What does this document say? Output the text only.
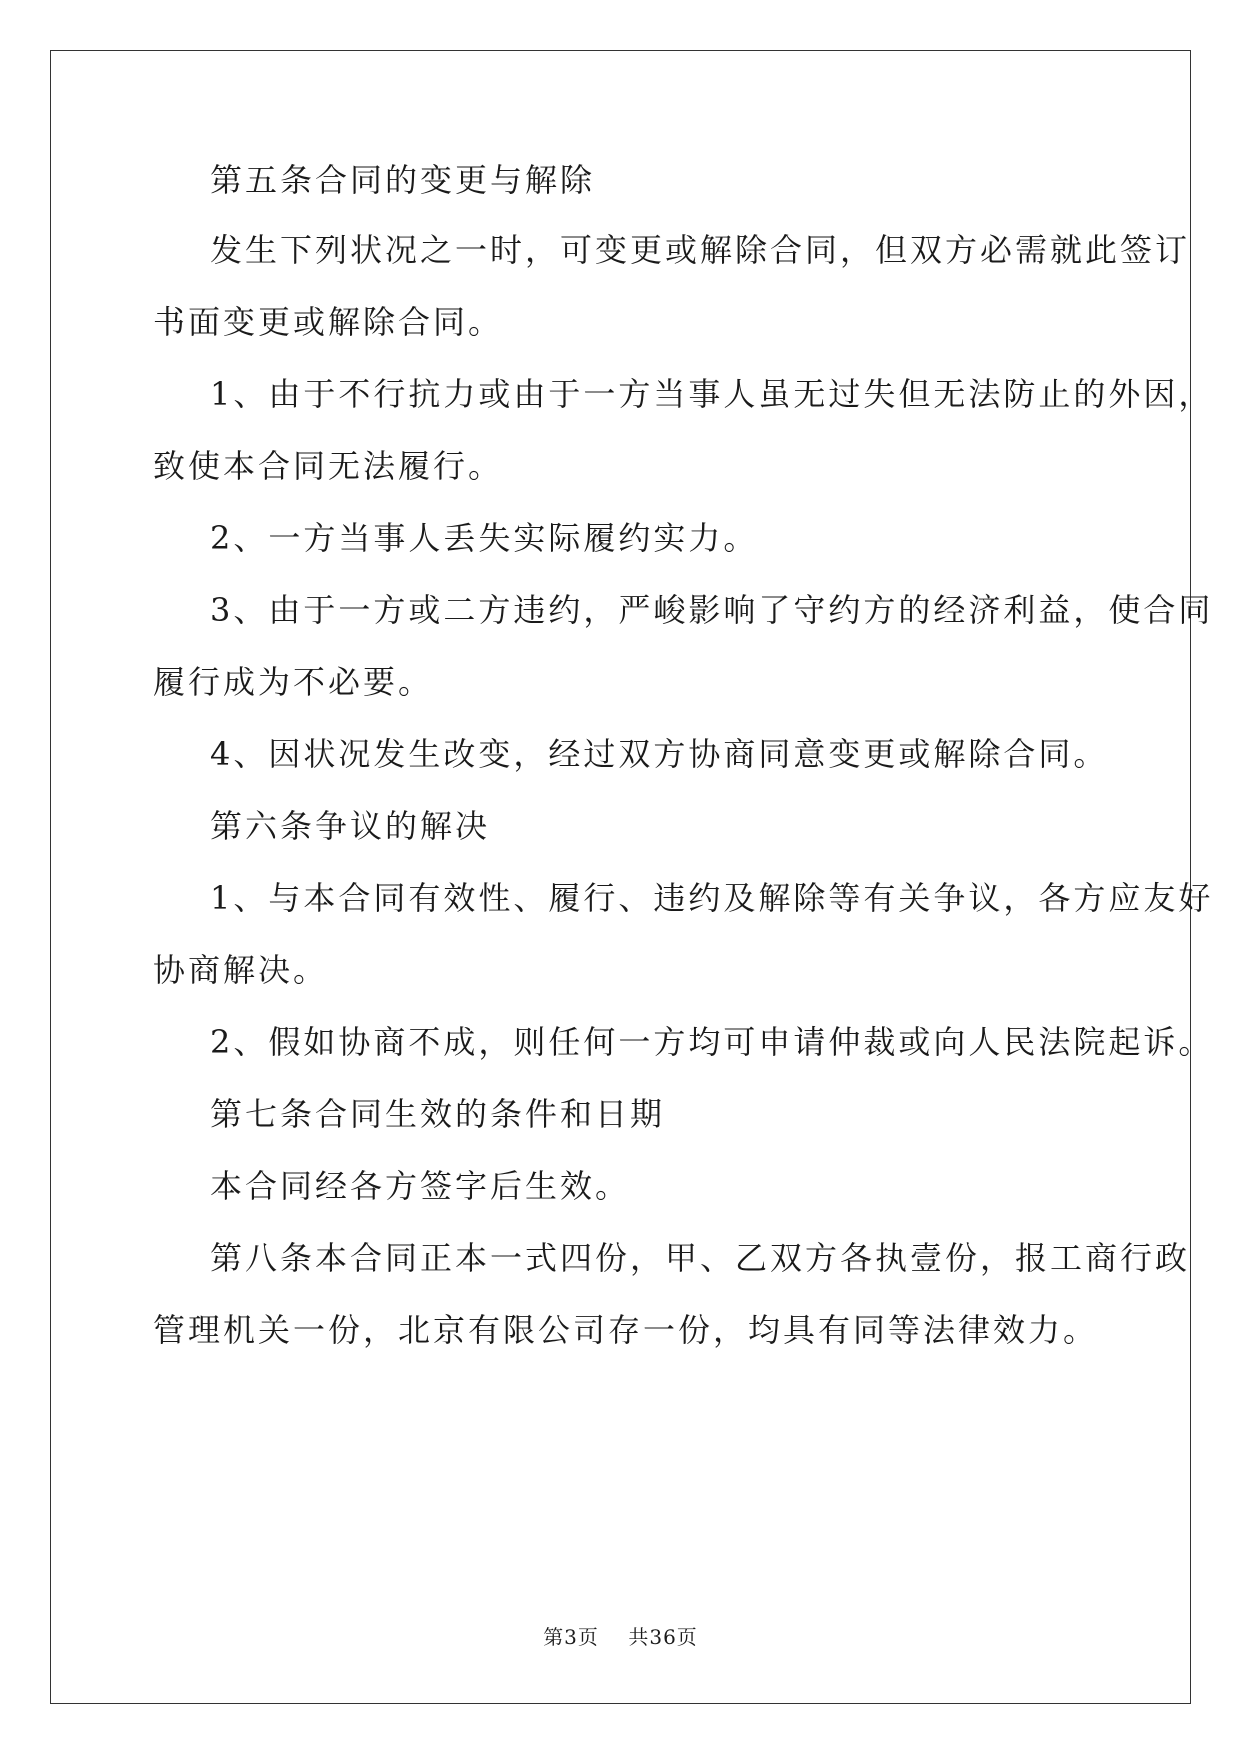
第五条合同的变更与解除
发生下列状况之一时，可变更或解除合同，但双方必需就此签订
书面变更或解除合同。
1、由于不行抗力或由于一方当事人虽无过失但无法防止的外因，
致使本合同无法履行。
2、一方当事人丢失实际履约实力。
3、由于一方或二方违约，严峻影响了守约方的经济利益，使合同
履行成为不必要。
4、因状况发生改变，经过双方协商同意变更或解除合同。
第六条争议的解决
1、与本合同有效性、履行、违约及解除等有关争议，各方应友好
协商解决。
2、假如协商不成，则任何一方均可申请仲裁或向人民法院起诉。
第七条合同生效的条件和日期
本合同经各方签字后生效。
第八条本合同正本一式四份，甲、乙双方各执壹份，报工商行政
管理机关一份，北京有限公司存一份，均具有同等法律效力。
第3页 共36页
